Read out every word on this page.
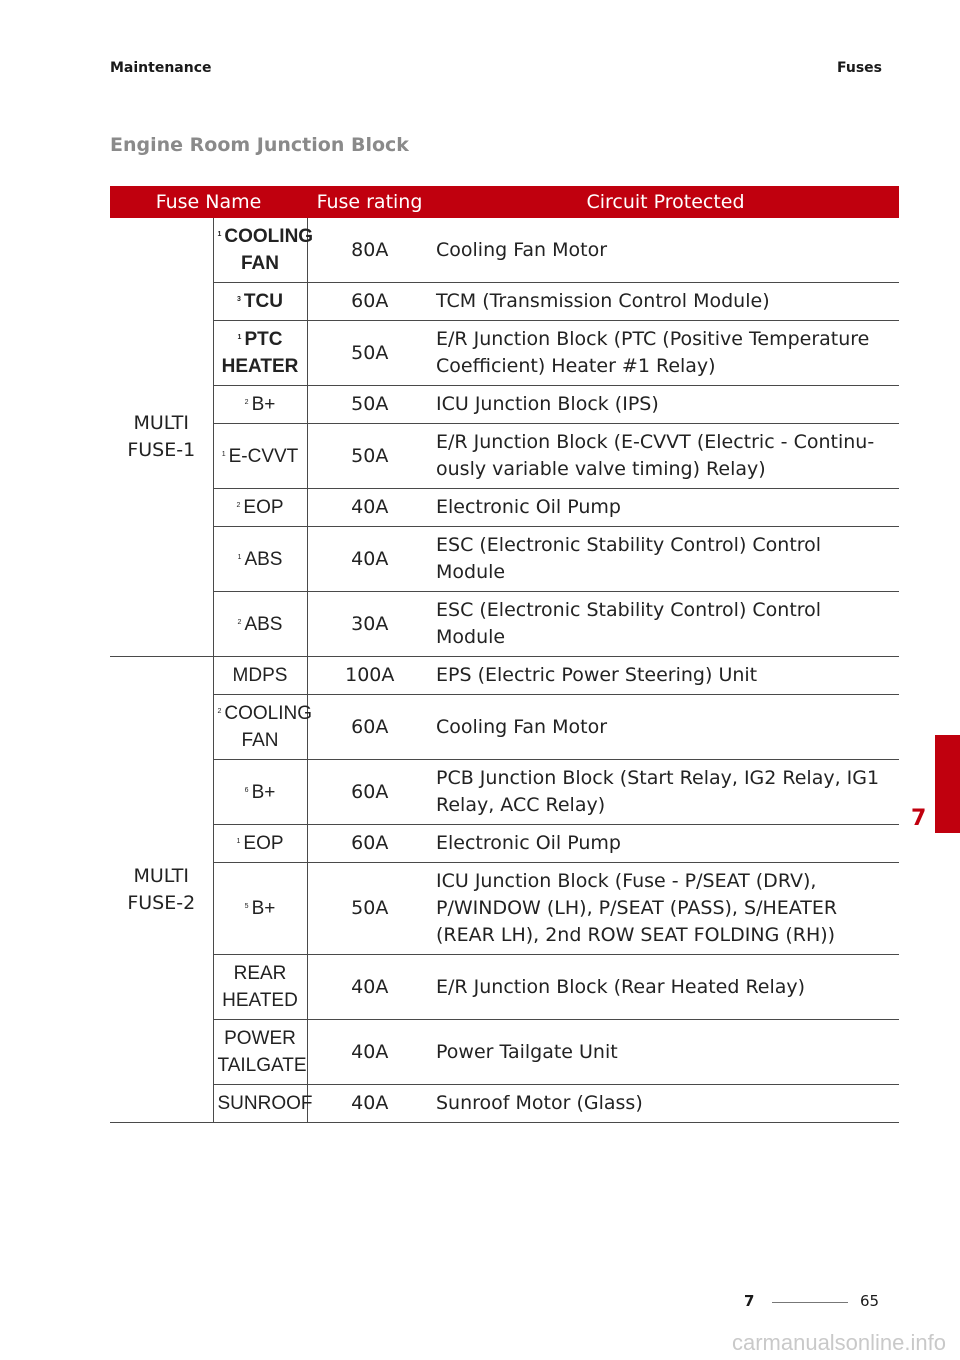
Maintenance	Fuses
Engine Room Junction Block
Fuse Name		Fuse rating	Circuit Protected
MULTI FUSE-1	$^1$ COOLING FAN	80A	Cooling Fan Motor
	$^3$ TCU	60A	TCM (Transmission Control Module)
	$^1$ PTC HEATER	50A	E/R Junction Block (PTC (Positive Temperature Coefficient) Heater #1 Relay)
	$^2$ B+	50A	ICU Junction Block (IPS)
	$^1$ E-CVVT	50A	E/R Junction Block (E-CVVT (Electric - Continu-ously variable valve timing) Relay)
	$^2$ EOP	40A	Electronic Oil Pump
	$^1$ ABS	40A	ESC (Electronic Stability Control) Control Module
	$^2$ ABS	30A	ESC (Electronic Stability Control) Control Module
MULTI FUSE-2	MDPS	100A	EPS (Electric Power Steering) Unit
	$^2$ COOLING FAN	60A	Cooling Fan Motor
	$^6$ B+	60A	PCB Junction Block (Start Relay, IG2 Relay, IG1 Relay, ACC Relay)
	$^1$ EOP	60A	Electronic Oil Pump
	$^5$ B+	50A	ICU Junction Block (Fuse - P/SEAT (DRV), P/WINDOW (LH), P/SEAT (PASS), S/HEATER (REAR LH), 2nd ROW SEAT FOLDING (RH))
	REAR HEATED	40A	E/R Junction Block (Rear Heated Relay)
	POWER TAILGATE	40A	Power Tailgate Unit
	SUNROOF	40A	Sunroof Motor (Glass)
7
7	65
carmanualsonline.info
